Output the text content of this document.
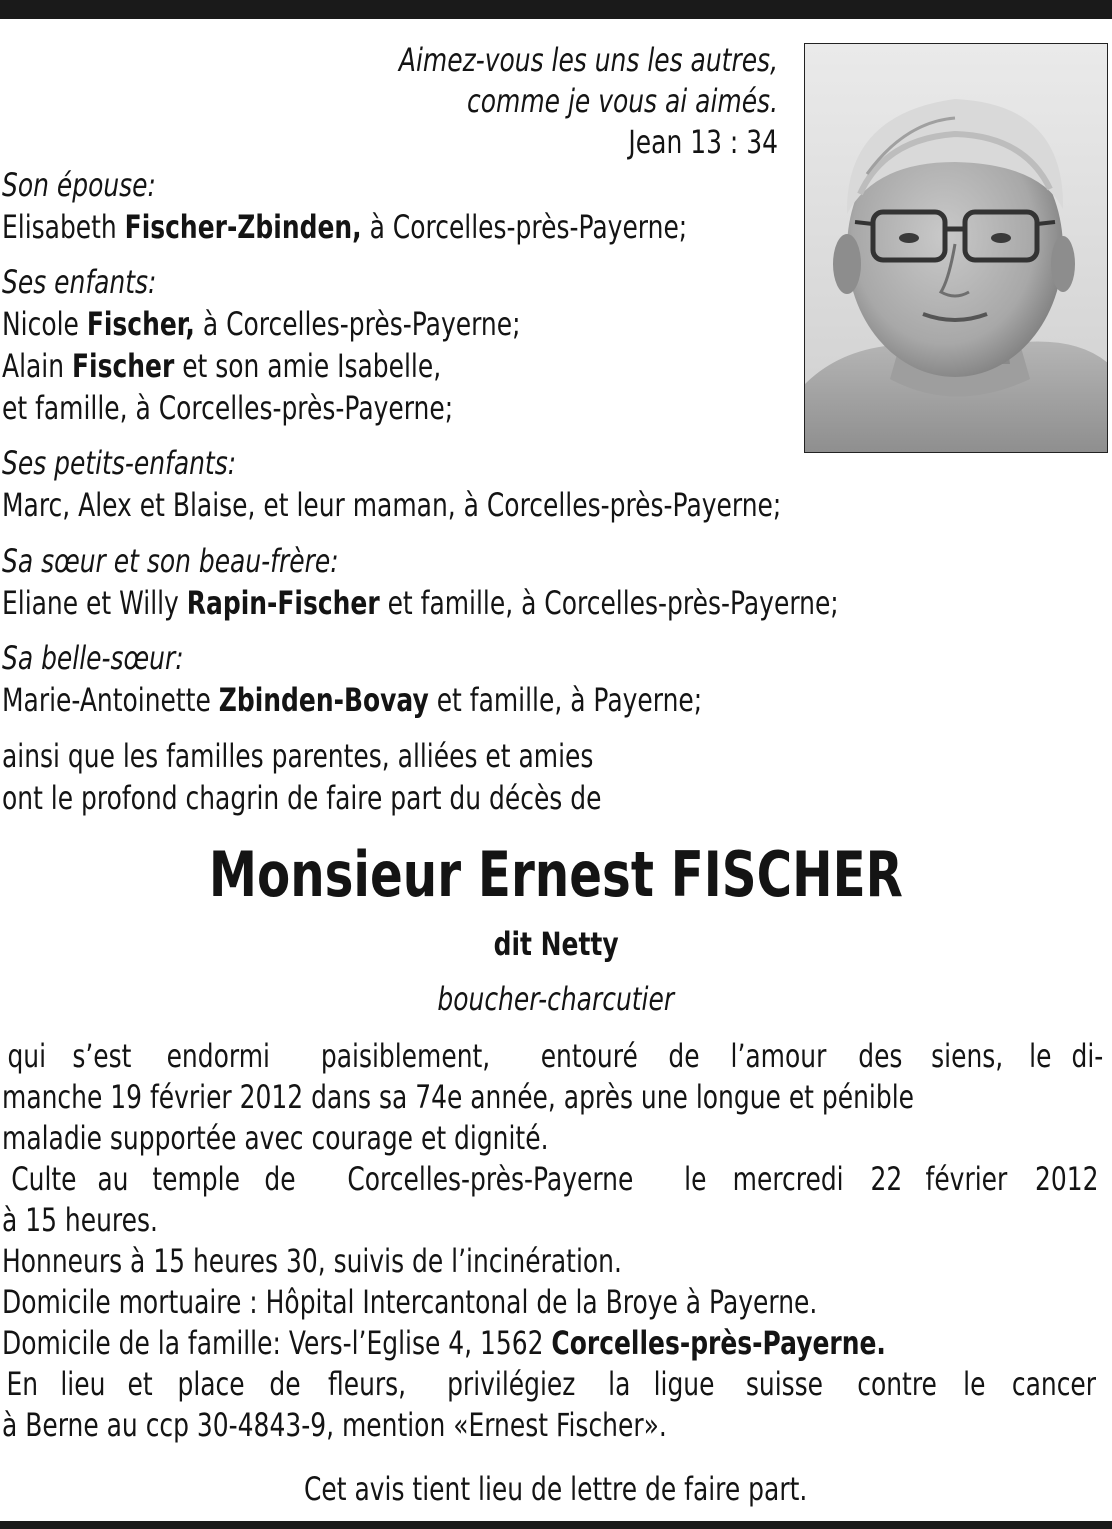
Aimez-vous les uns les autres,
comme je vous ai aimés.
Jean 13 : 34
Son épouse:
Elisabeth Fischer-Zbinden, à Corcelles-près-Payerne;
Ses enfants:
Nicole Fischer, à Corcelles-près-Payerne;
Alain Fischer et son amie Isabelle,
et famille, à Corcelles-près-Payerne;
Ses petits-enfants:
Marc, Alex et Blaise, et leur maman, à Corcelles-près-Payerne;
Sa sœur et son beau-frère:
Eliane et Willy Rapin-Fischer et famille, à Corcelles-près-Payerne;
Sa belle-sœur:
Marie-Antoinette Zbinden-Bovay et famille, à Payerne;
ainsi que les familles parentes, alliées et amies
ont le profond chagrin de faire part du décès de
Monsieur Ernest FISCHER
dit Netty
boucher-charcutier
qui s’est endormi paisiblement, entouré de l’amour des siens, le di-
manche 19 février 2012 dans sa 74e année, après une longue et pénible
maladie supportée avec courage et dignité.
Culte au temple de Corcelles-près-Payerne le mercredi 22 février 2012
à 15 heures.
Honneurs à 15 heures 30, suivis de l’incinération.
Domicile mortuaire : Hôpital Intercantonal de la Broye à Payerne.
Domicile de la famille: Vers-l’Eglise 4, 1562 Corcelles-près-Payerne.
En lieu et place de fleurs, privilégiez la ligue suisse contre le cancer
à Berne au ccp 30-4843-9, mention «Ernest Fischer».
Cet avis tient lieu de lettre de faire part.
